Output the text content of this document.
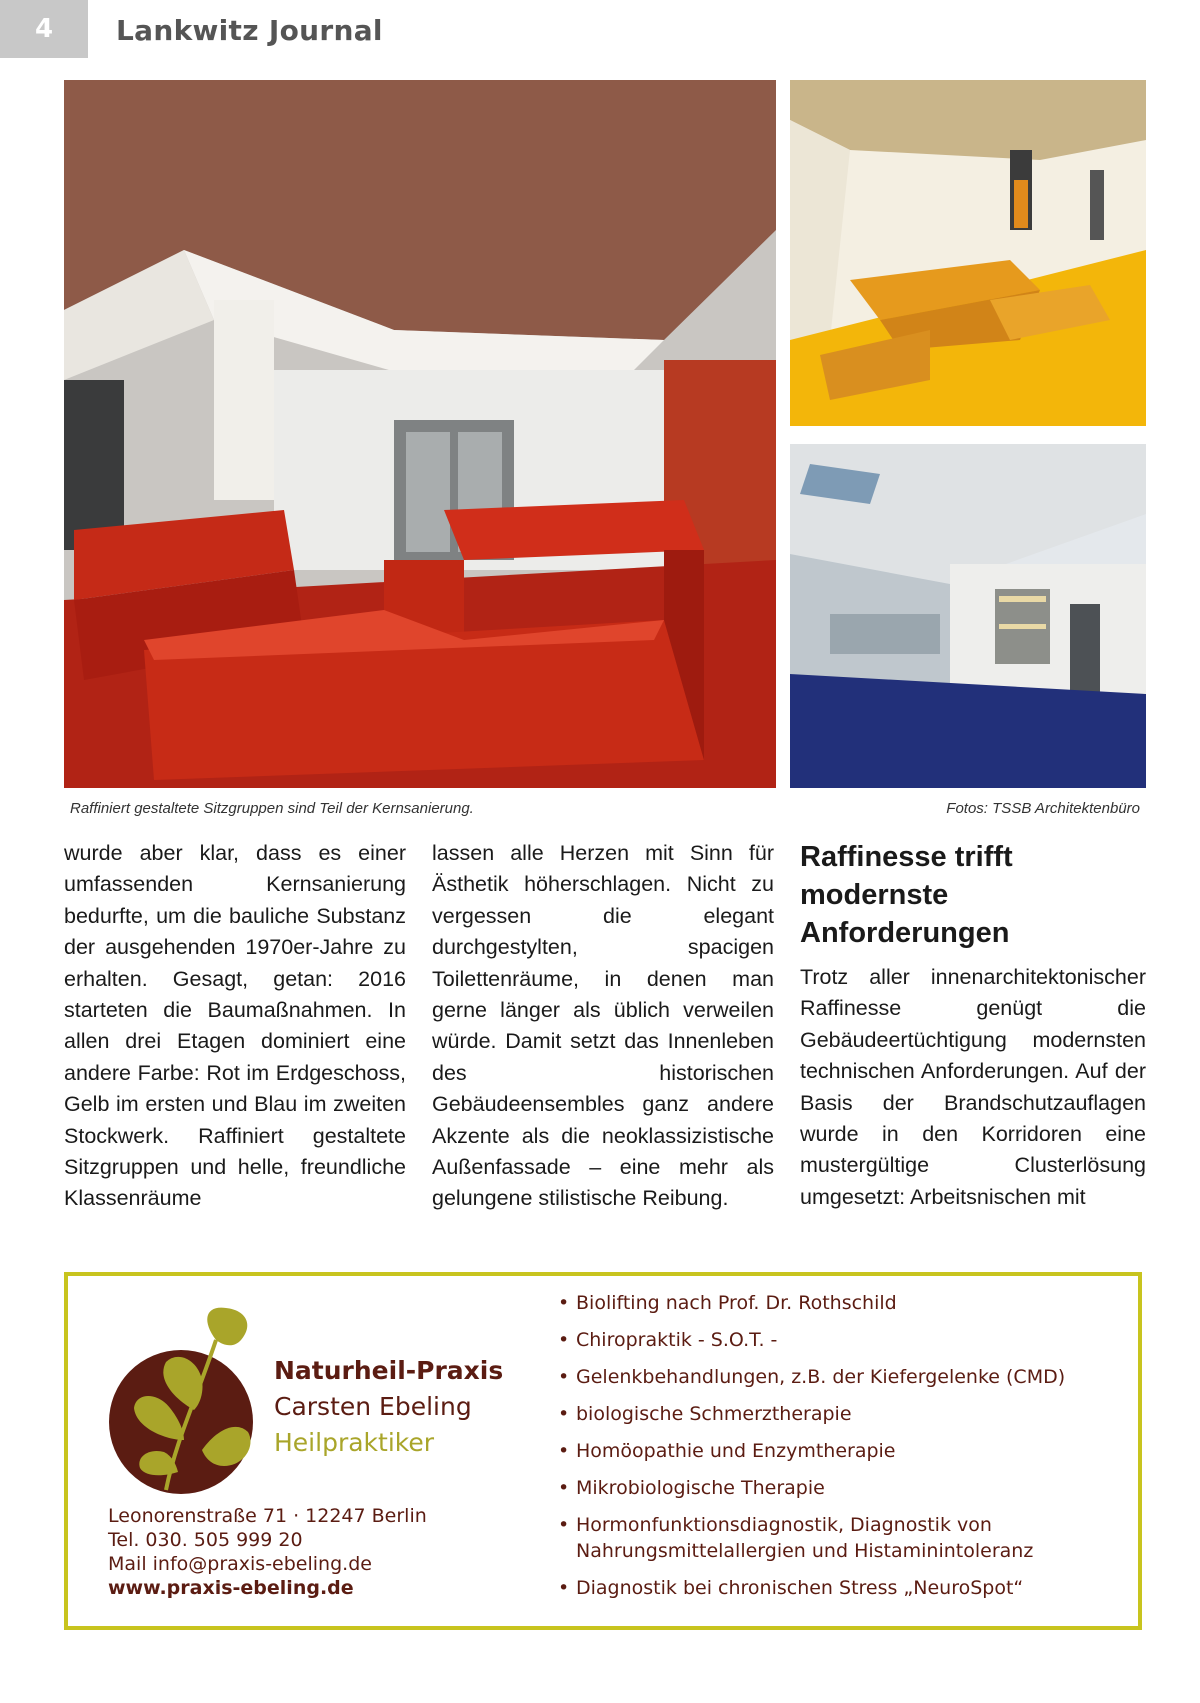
4 Lankwitz Journal
Raffiniert gestaltete Sitzgruppen sind Teil der Kernsanierung.	Fotos: TSSB Architektenbüro
wurde aber klar, dass es einer umfassenden Kernsanierung bedurfte, um die bauliche Substanz der ausgehenden 1970er-Jahre zu erhalten. Gesagt, getan: 2016 starteten die Baumaßnahmen. In allen drei Etagen dominiert eine andere Farbe: Rot im Erdgeschoss, Gelb im ersten und Blau im zweiten Stockwerk. Raffiniert gestaltete Sitzgruppen und helle, freundliche Klassenräume
lassen alle Herzen mit Sinn für Ästhetik höherschlagen. Nicht zu vergessen die elegant durchgestylten, spacigen Toilettenräume, in denen man gerne länger als üblich verweilen würde. Damit setzt das Innenleben des historischen Gebäudeensembles ganz andere Akzente als die neoklassizistische Außenfassade – eine mehr als gelungene stilistische Reibung.
Raffinesse trifft modernste Anforderungen
Trotz aller innenarchitektonischer Raffinesse genügt die Gebäudeertüchtigung modernsten technischen Anforderungen. Auf der Basis der Brandschutzauflagen wurde in den Korridoren eine mustergültige Clusterlösung umgesetzt: Arbeitsnischen mit
Naturheil-Praxis
Carsten Ebeling
Heilpraktiker
Leonorenstraße 71 · 12247 Berlin
Tel. 030. 505 999 20
Mail info@praxis-ebeling.de
www.praxis-ebeling.de
• Biolifting nach Prof. Dr. Rothschild
• Chiropraktik - S.O.T. -
• Gelenkbehandlungen, z.B. der Kiefergelenke (CMD)
• biologische Schmerztherapie
• Homöopathie und Enzymtherapie
• Mikrobiologische Therapie
• Hormonfunktionsdiagnostik, Diagnostik von Nahrungsmittelallergien und Histaminintoleranz
• Diagnostik bei chronischen Stress „NeuroSpot“
